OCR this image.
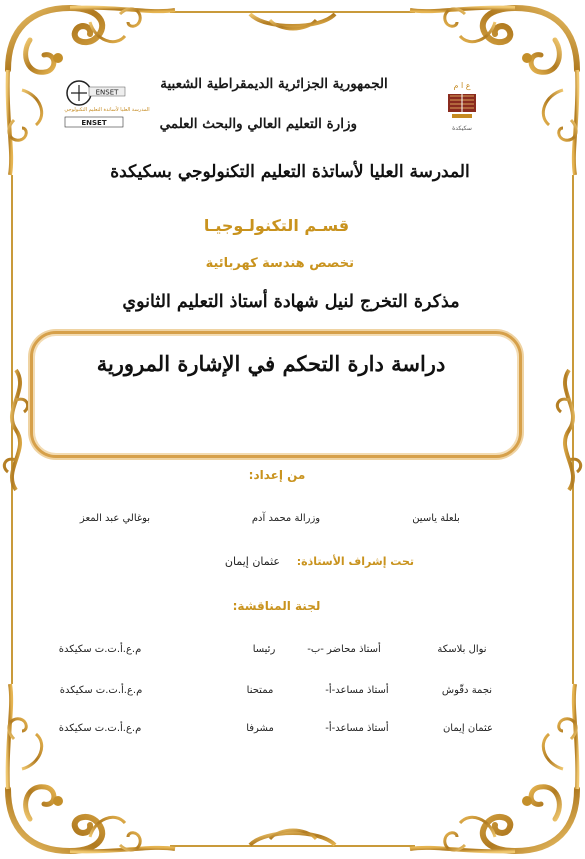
ENSET
المدرسة العليا لأساتذة التعليم التكنولوجي
ENSET
ع ا م
سكيكدة
الجمهورية الجزائرية الديمقراطية الشعبية
وزارة التعليم العالي والبحث العلمي
المدرسة العليا لأساتذة التعليم التكنولوجي بسكيكدة
قسـم التكنولـوجيـا
تخصص هندسة كهربائية
مذكرة التخرج لنيل شهادة أستاذ التعليم الثانوي
دراسة دارة التحكم في الإشارة المرورية
من إعداد:
بلعلة ياسين
وزرالة محمد آدم
بوغالي عبد المعز
تحت إشراف الأستاذة:
عثمان إيمان
لجنة المناقشة:
نوال بلاسكة
أستاذ محاضر -ب-
رئيسا
م.ع.أ.ت.ت سكيكدة
نجمة دقّوش
أستاذ مساعد-أ-
ممتحنا
م.ع.أ.ت.ت سكيكدة
عثمان إيمان
أستاذ مساعد-أ-
مشرفا
م.ع.أ.ت.ت سكيكدة
